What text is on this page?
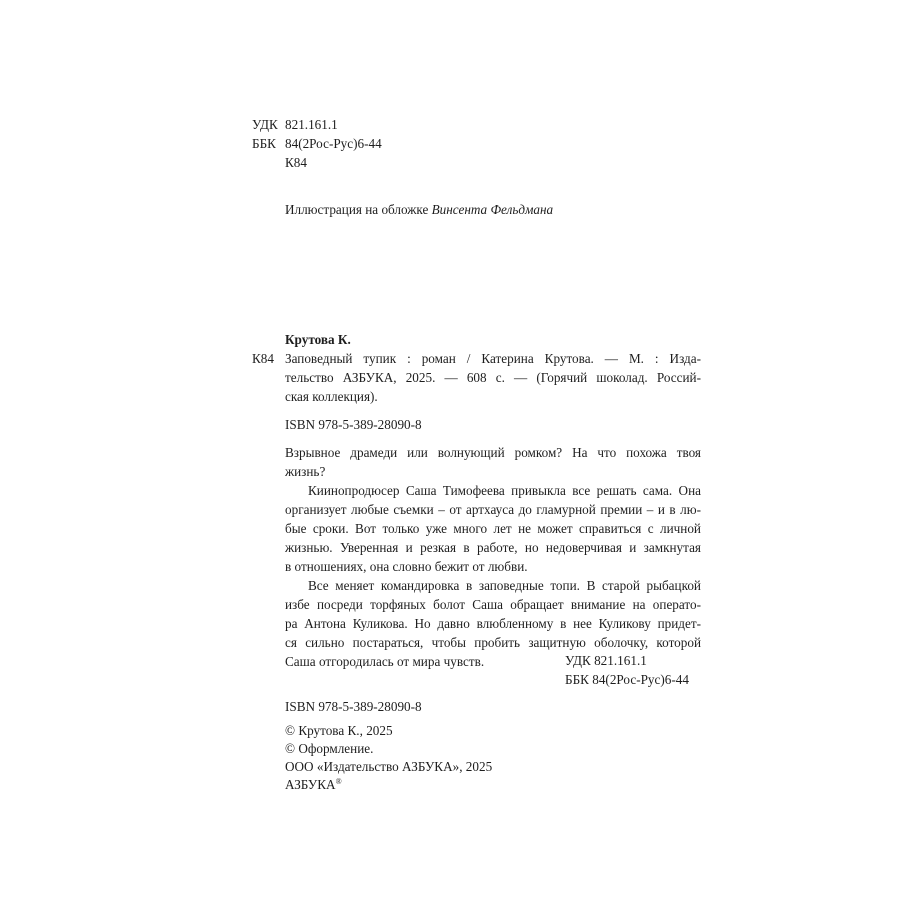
УДК 821.161.1
ББК 84(2Рос-Рус)6-44
К84
Иллюстрация на обложке Винсента Фельдмана
Крутова К.
К84 Заповедный тупик : роман / Катерина Крутова. — М. : Изда-
тельство АЗБУКА, 2025. — 608 с. — (Горячий шоколад. Россий-
ская коллекция).
ISBN 978-5-389-28090-8
Взрывное драмеди или волнующий ромком? На что похожа твоя
жизнь?
Киинопродюсер Саша Тимофеева привыкла все решать сама. Она
организует любые съемки – от артхауса до гламурной премии – и в лю-
бые сроки. Вот только уже много лет не может справиться с личной
жизнью. Уверенная и резкая в работе, но недоверчивая и замкнутая
в отношениях, она словно бежит от любви.
Все меняет командировка в заповедные топи. В старой рыбацкой
избе посреди торфяных болот Саша обращает внимание на операто-
ра Антона Куликова. Но давно влюбленному в нее Куликову придет-
ся сильно постараться, чтобы пробить защитную оболочку, которой
Саша отгородилась от мира чувств.	УДК 821.161.1
ББК 84(2Рос-Рус)6-44
ISBN 978-5-389-28090-8
© Крутова К., 2025
© Оформление.
ООО «Издательство АЗБУКА», 2025
АЗБУКА®
